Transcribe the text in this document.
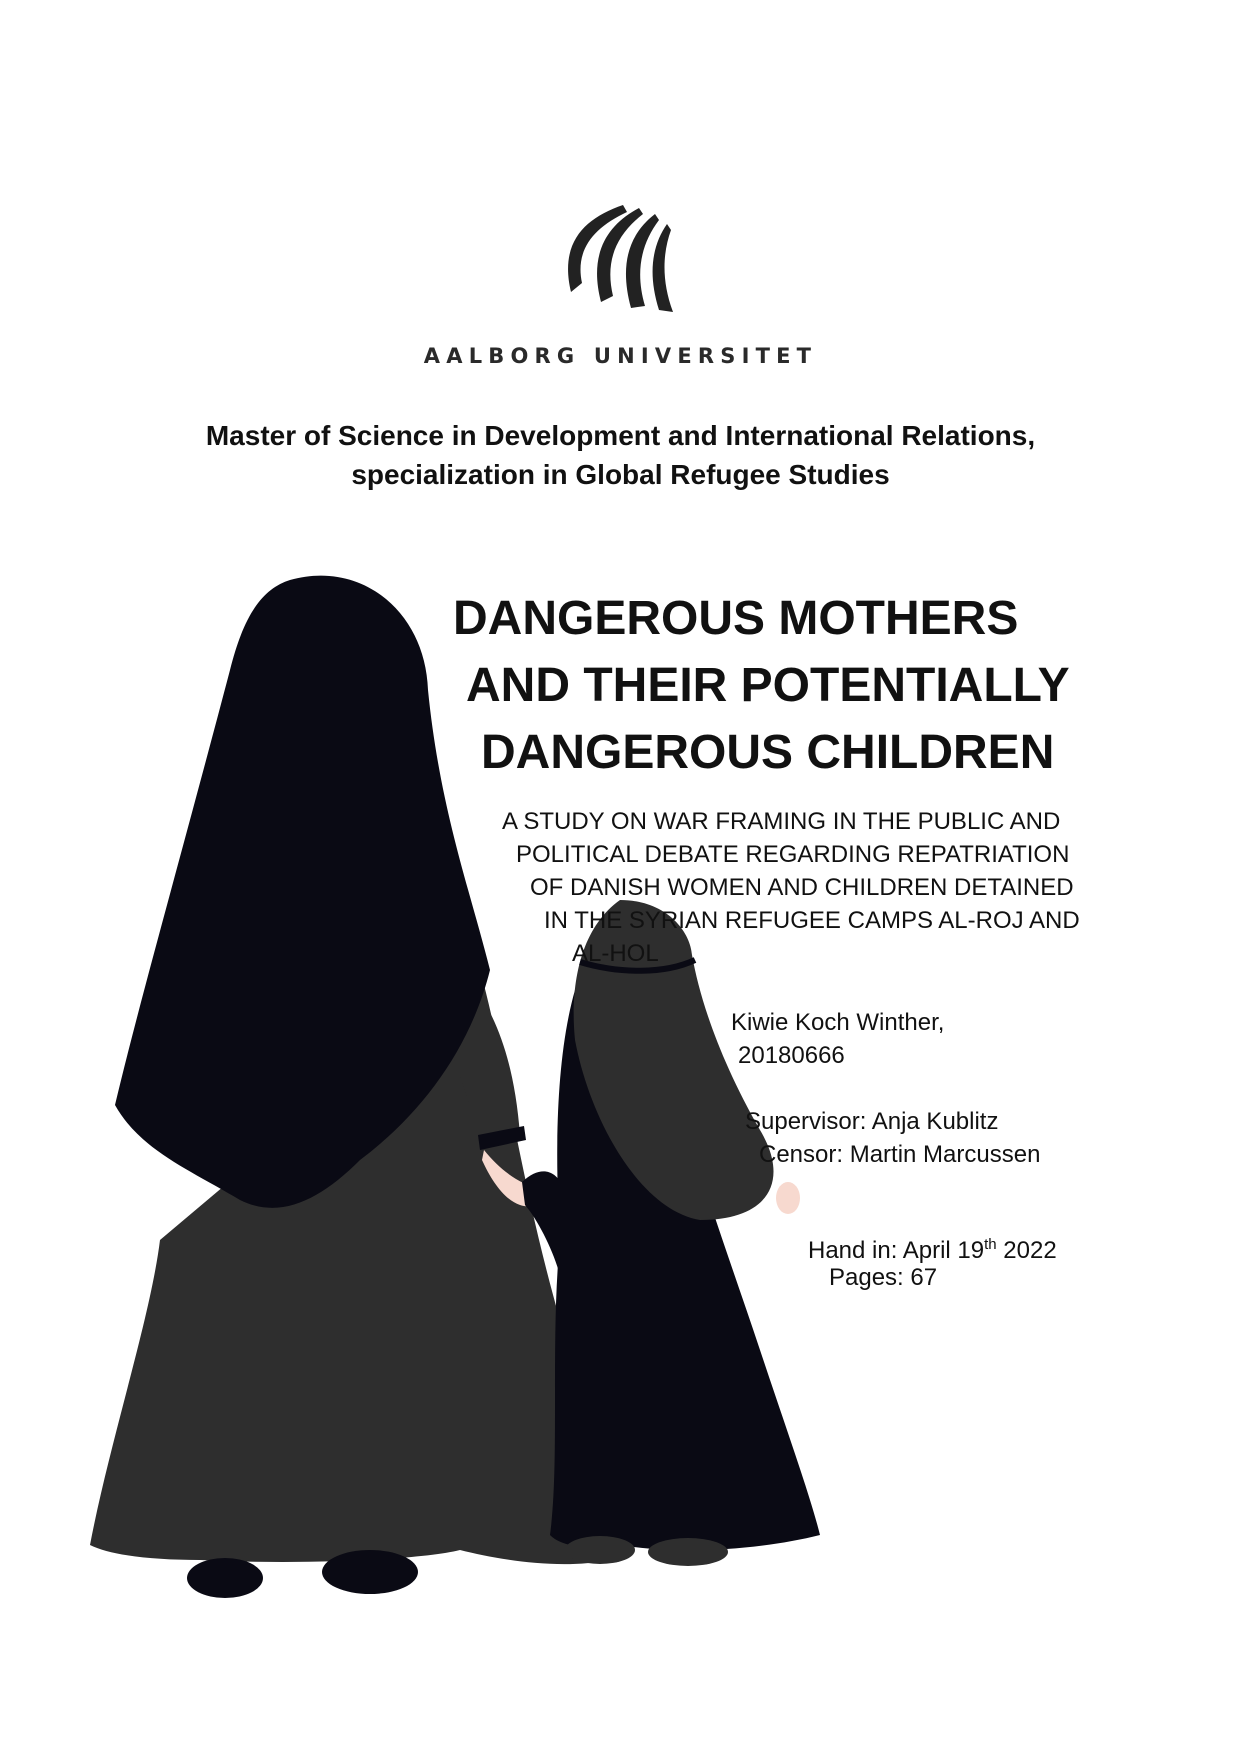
AALBORG UNIVERSITET
Master of Science in Development and International Relations,
specialization in Global Refugee Studies
DANGEROUS MOTHERS
AND THEIR POTENTIALLY
DANGEROUS CHILDREN
A STUDY ON WAR FRAMING IN THE PUBLIC AND
POLITICAL DEBATE REGARDING REPATRIATION
OF DANISH WOMEN AND CHILDREN DETAINED
IN THE SYRIAN REFUGEE CAMPS AL-ROJ AND
AL-HOL
Kiwie Koch Winther,
20180666
Supervisor: Anja Kublitz
Censor: Martin Marcussen
Hand in: April 19th 2022
Pages: 67
